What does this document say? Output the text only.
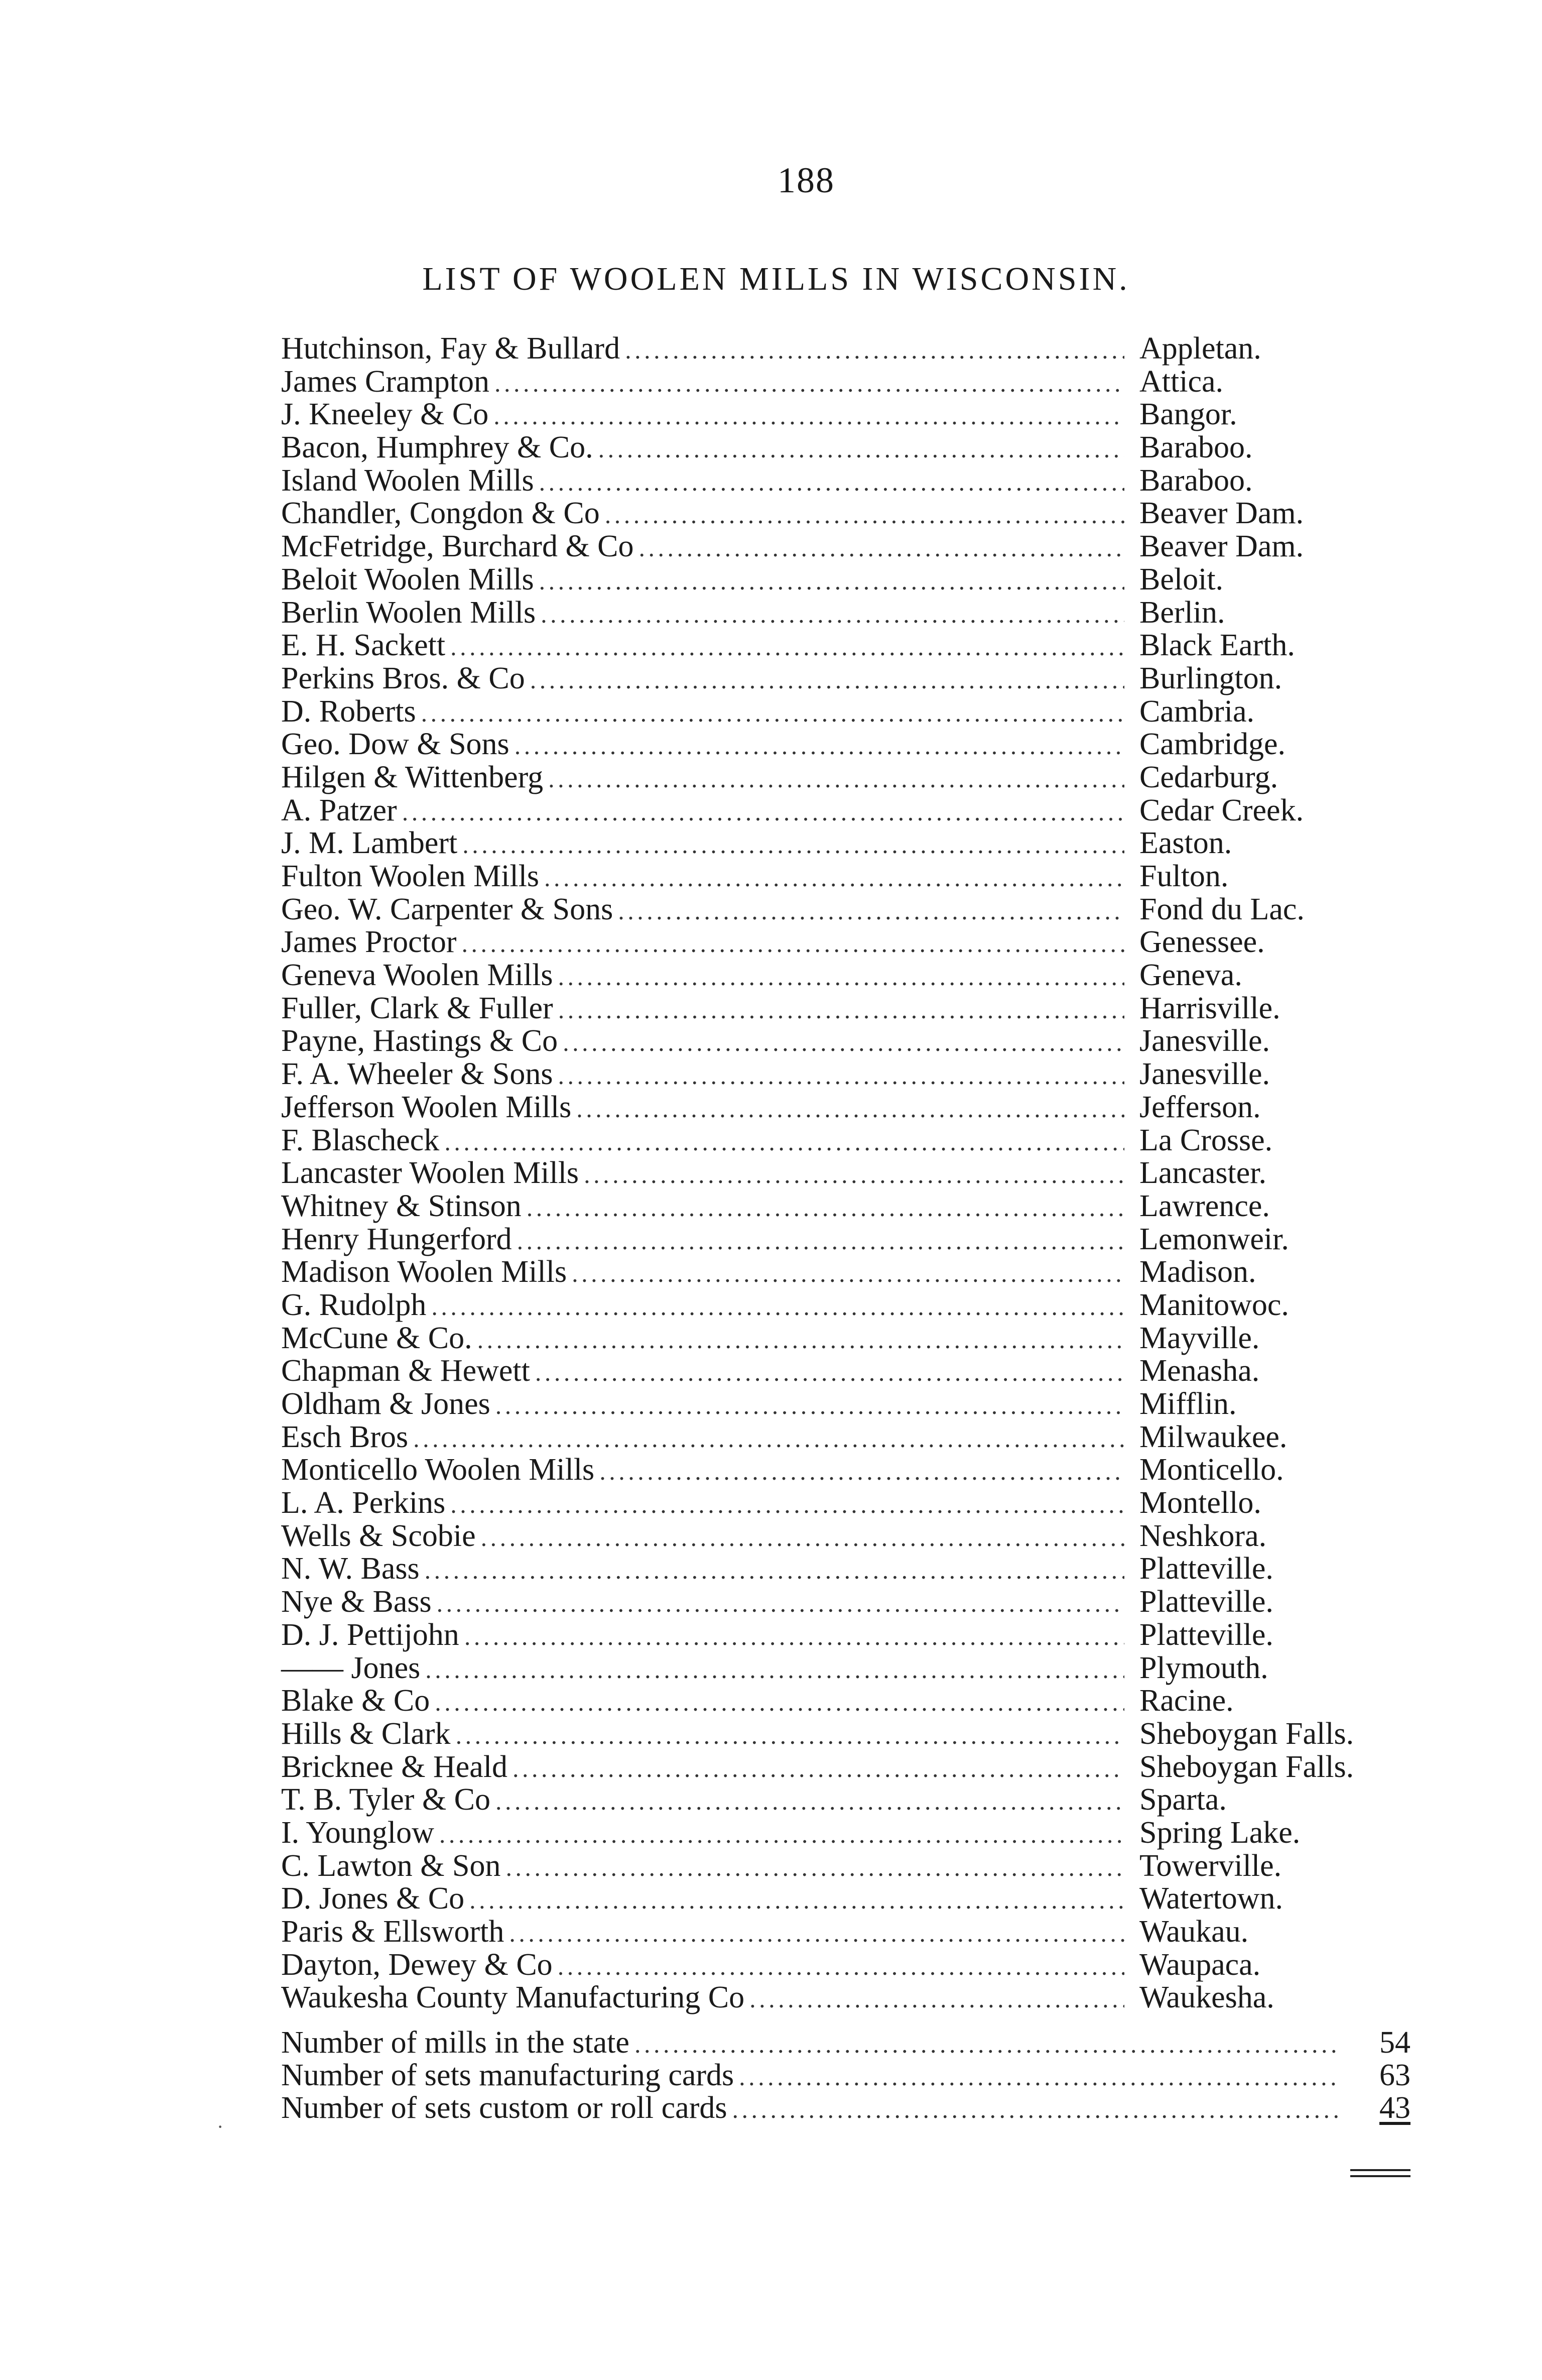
188
LIST OF WOOLEN MILLS IN WISCONSIN.
Hutchinson, Fay & Bullard . . .	Appletan.
James Crampton . . .	Attica.
J. Kneeley & Co . . .	Bangor.
Bacon, Humphrey & Co. . . .	Baraboo.
Island Woolen Mills . . .	Baraboo.
Chandler, Congdon & Co . . .	Beaver Dam.
McFetridge, Burchard & Co . . .	Beaver Dam.
Beloit Woolen Mills . . .	Beloit.
Berlin Woolen Mills . . .	Berlin.
E. H. Sackett . . .	Black Earth.
Perkins Bros. & Co . . .	Burlington.
D. Roberts . . .	Cambria.
Geo. Dow & Sons . . .	Cambridge.
Hilgen & Wittenberg . . .	Cedarburg.
A. Patzer . . .	Cedar Creek.
J. M. Lambert . . .	Easton.
Fulton Woolen Mills . . .	Fulton.
Geo. W. Carpenter & Sons . . .	Fond du Lac.
James Proctor . . .	Genessee.
Geneva Woolen Mills . . .	Geneva.
Fuller, Clark & Fuller . . .	Harrisville.
Payne, Hastings & Co . . .	Janesville.
F. A. Wheeler & Sons . . .	Janesville.
Jefferson Woolen Mills . . .	Jefferson.
F. Blascheck . . .	La Crosse.
Lancaster Woolen Mills . . .	Lancaster.
Whitney & Stinson . . .	Lawrence.
Henry Hungerford . . .	Lemonweir.
Madison Woolen Mills . . .	Madison.
G. Rudolph . . .	Manitowoc.
McCune & Co. . . .	Mayville.
Chapman & Hewett . . .	Menasha.
Oldham & Jones . . .	Mifflin.
Esch Bros . . .	Milwaukee.
Monticello Woolen Mills . . .	Monticello.
L. A. Perkins . . .	Montello.
Wells & Scobie . . .	Neshkora.
N. W. Bass . . .	Platteville.
Nye & Bass . . .	Platteville.
D. J. Pettijohn . . .	Platteville.
—— Jones . . .	Plymouth.
Blake & Co . . .	Racine.
Hills & Clark . . .	Sheboygan Falls.
Bricknee & Heald . . .	Sheboygan Falls.
T. B. Tyler & Co . . .	Sparta.
I. Younglow . . .	Spring Lake.
C. Lawton & Son . . .	Towerville.
D. Jones & Co . . .	Watertown.
Paris & Ellsworth . . .	Waukau.
Dayton, Dewey & Co . . .	Waupaca.
Waukesha County Manufacturing Co . . .	Waukesha.
Number of mills in the state . . .	54
Number of sets manufacturing cards . . .	63
Number of sets custom or roll cards . . .	43
·
